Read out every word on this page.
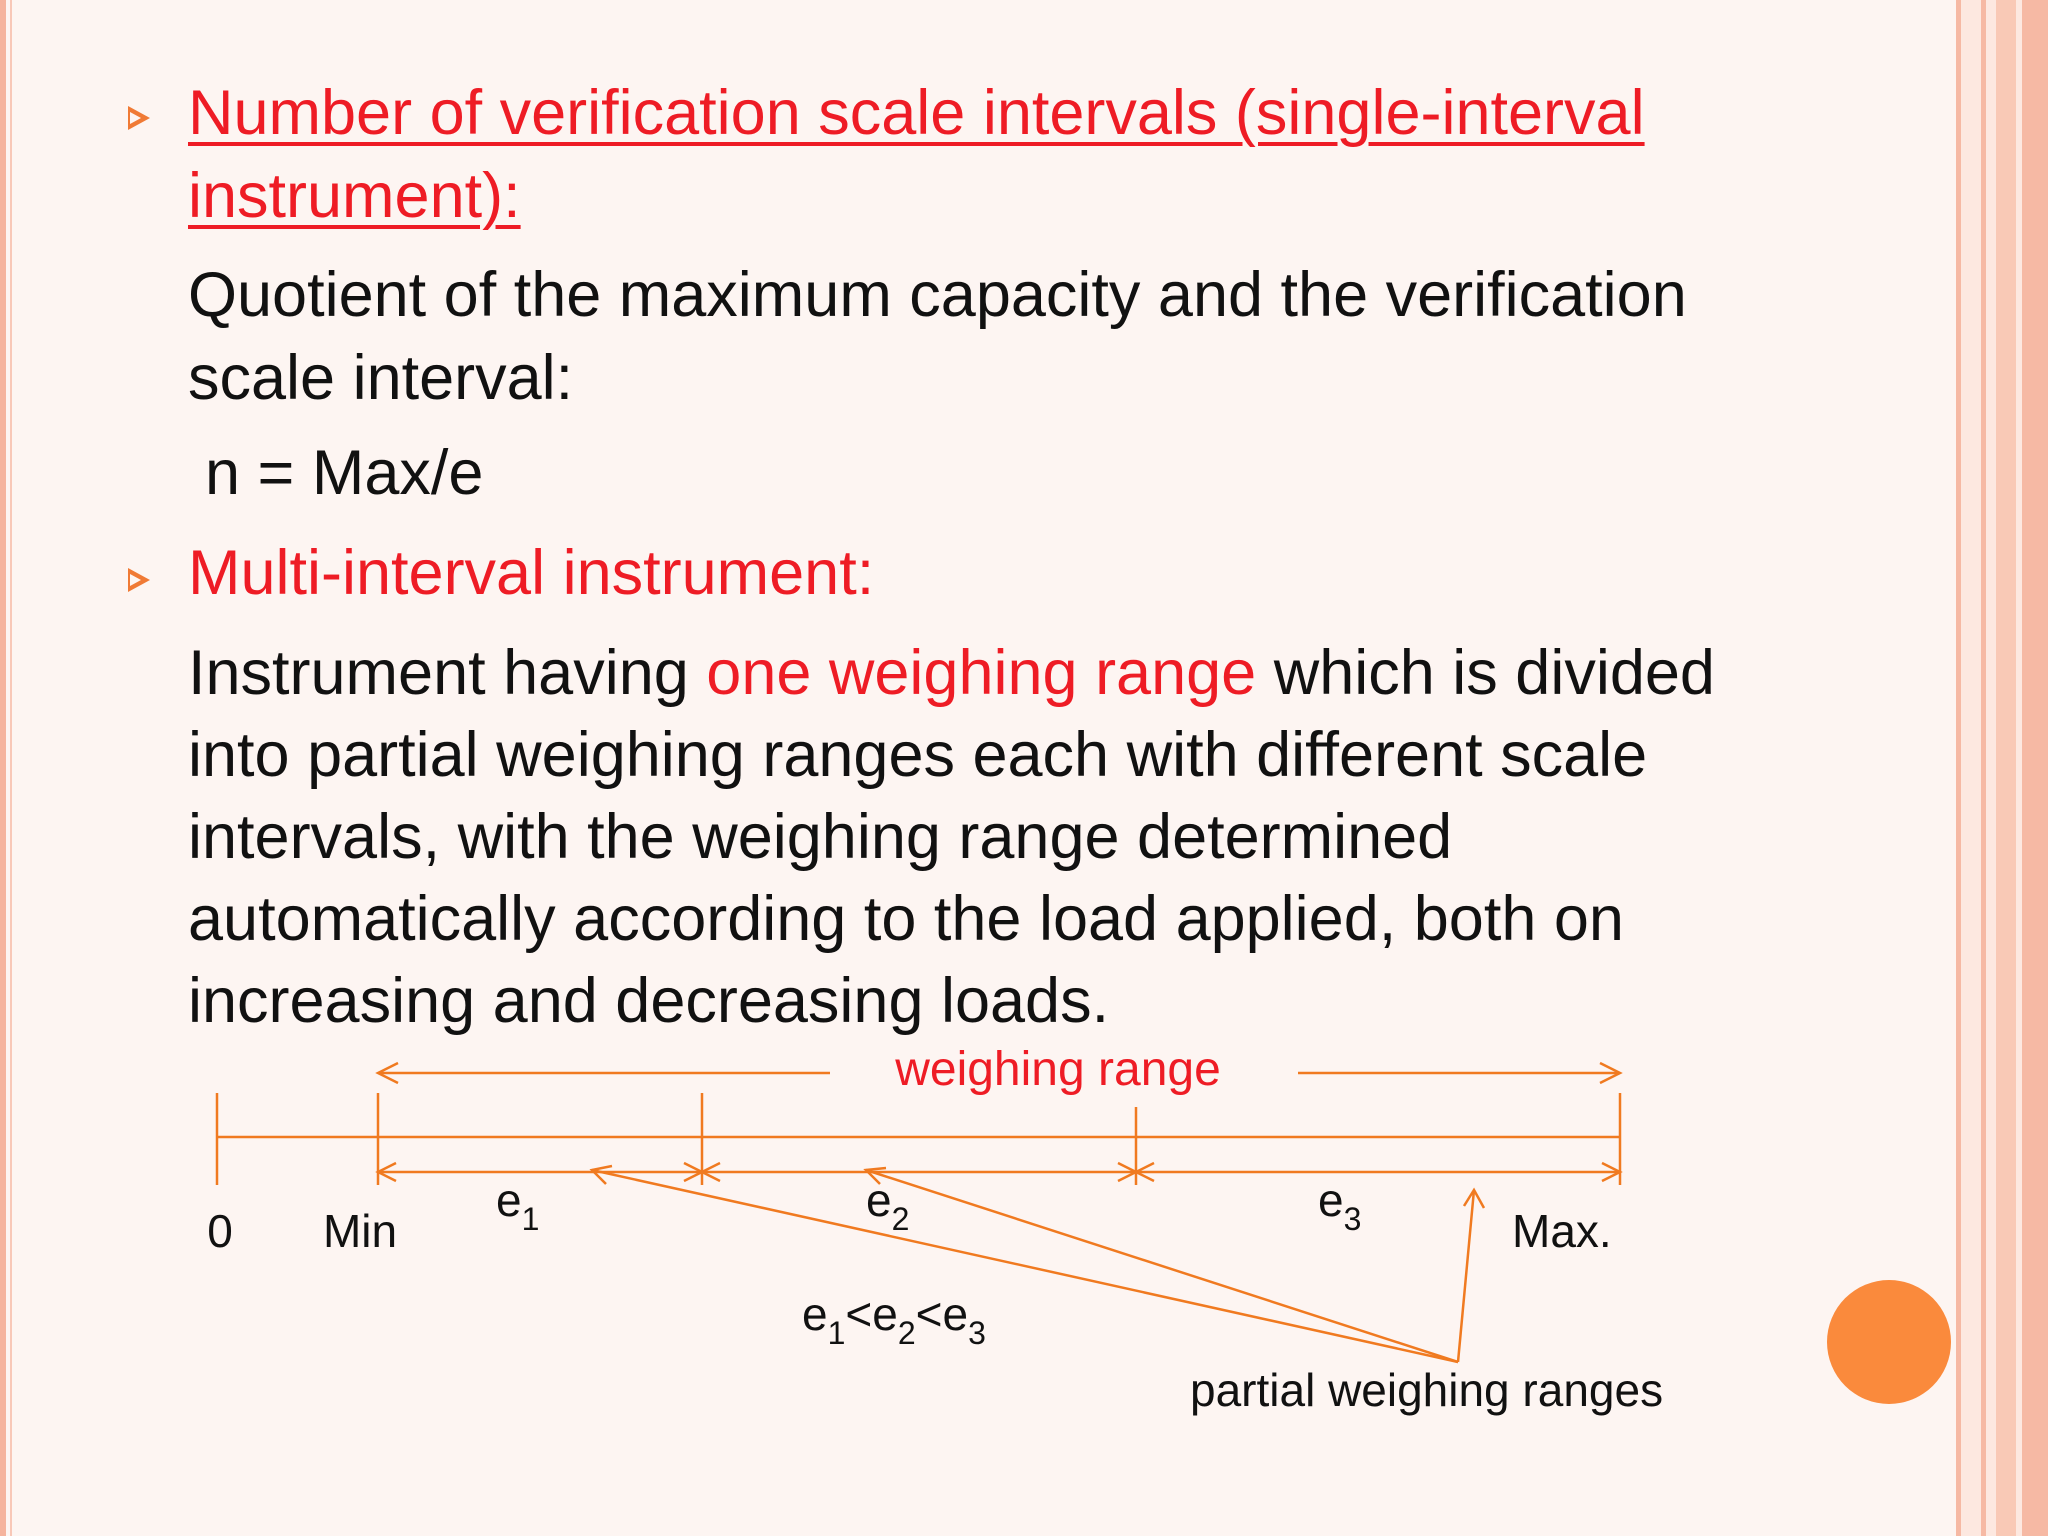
Number of verification scale intervals (single-interval
instrument):
Quotient of the maximum capacity and the verification
scale interval:
n = Max/e
Multi-interval instrument:
Instrument having one weighing range which is divided
into partial weighing ranges each with different scale
intervals, with the weighing range determined
automatically according to the load applied, both on
increasing and decreasing loads.
weighing range
0 Min	Max.
$e_1$	$e_2$	$e_3$
$e_1<e_2<e_3$
partial weighing ranges
